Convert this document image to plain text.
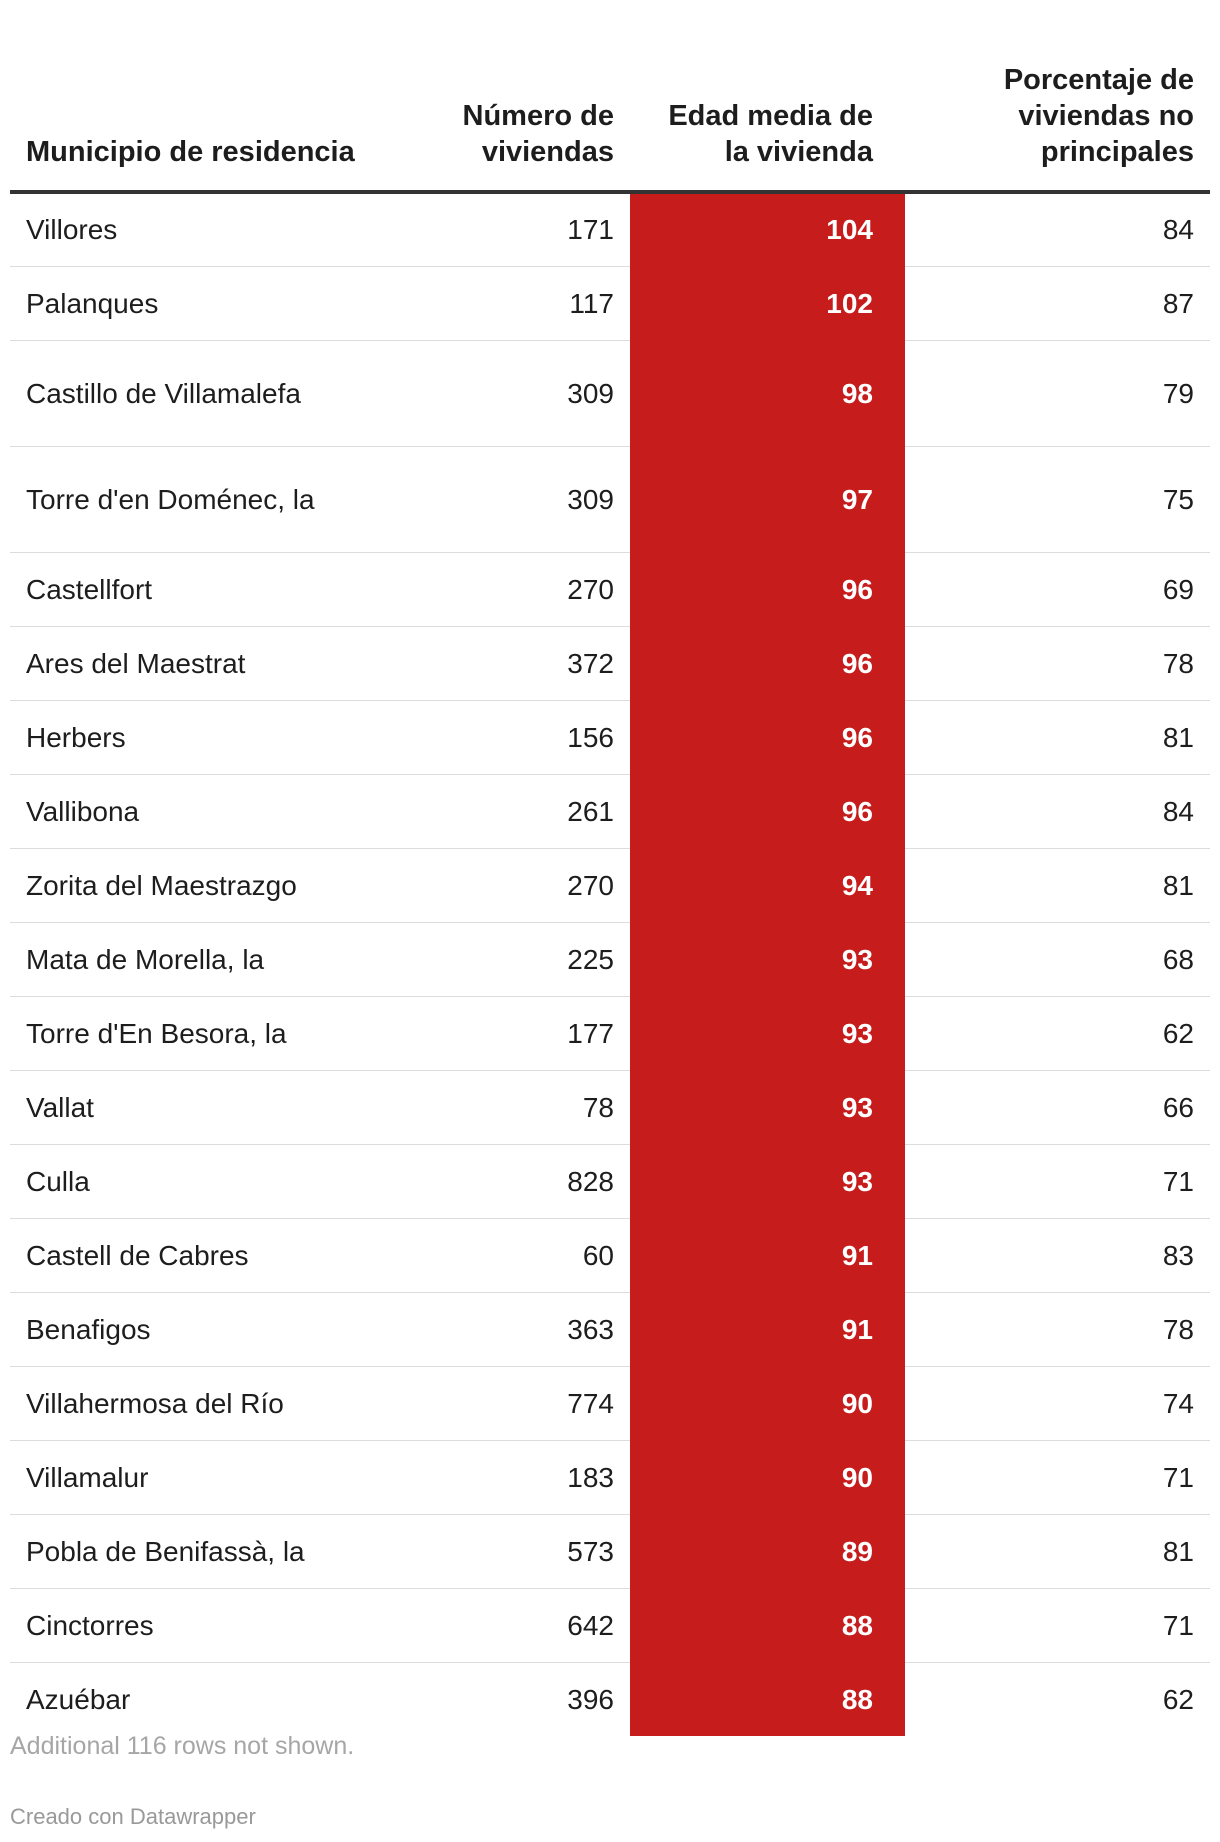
Municipio de residencia	Número de viviendas	Edad media de la vivienda	Porcentaje de viviendas no principales
Villores	171	104	84
Palanques	117	102	87
Castillo de Villamalefa	309	98	79
Torre d'en Doménec, la	309	97	75
Castellfort	270	96	69
Ares del Maestrat	372	96	78
Herbers	156	96	81
Vallibona	261	96	84
Zorita del Maestrazgo	270	94	81
Mata de Morella, la	225	93	68
Torre d'En Besora, la	177	93	62
Vallat	78	93	66
Culla	828	93	71
Castell de Cabres	60	91	83
Benafigos	363	91	78
Villahermosa del Río	774	90	74
Villamalur	183	90	71
Pobla de Benifassà, la	573	89	81
Cinctorres	642	88	71
Azuébar	396	88	62
Additional 116 rows not shown.
Creado con Datawrapper
